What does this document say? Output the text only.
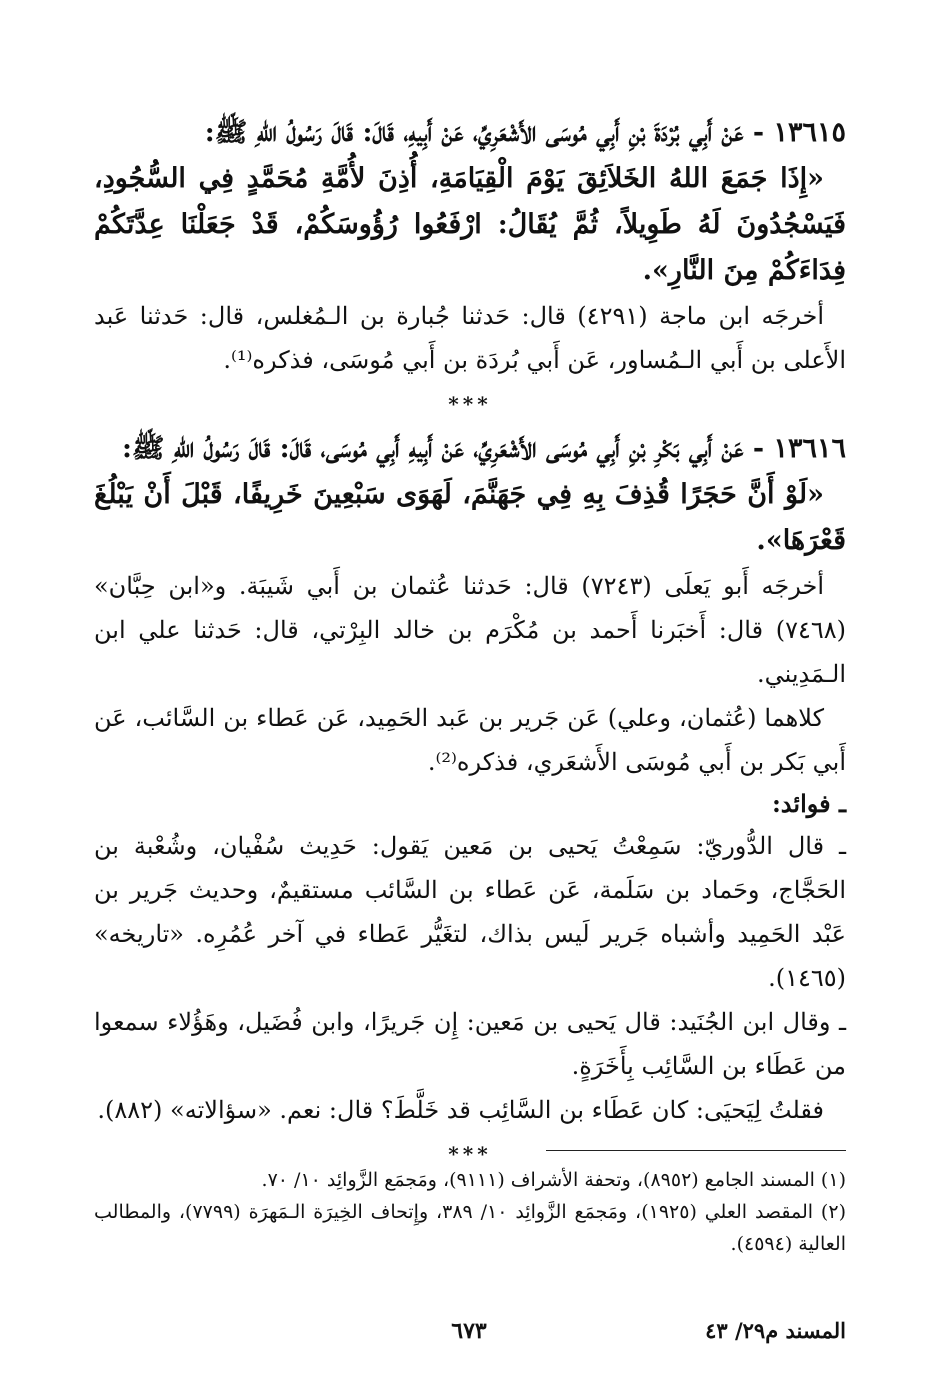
١٣٦١٥ - عَنْ أَبِي بُرْدَةَ بْنِ أَبِي مُوسَى الأَشْعَرِيِّ، عَنْ أَبِيهِ، قَالَ: قَالَ رَسُولُ اللهِ ﷺ:

«إِذَا جَمَعَ اللهُ الخَلاَئِقَ يَوْمَ الْقِيَامَةِ، أُذِنَ لأُمَّةِ مُحَمَّدٍ فِي السُّجُودِ، فَيَسْجُدُونَ لَهُ طَوِيلاً، ثُمَّ يُقَالُ: ارْفَعُوا رُؤُوسَكُمْ، قَدْ جَعَلْنَا عِدَّتَكُمْ فِدَاءَكُمْ مِنَ النَّارِ».

أخرجَه ابن ماجة (٤٢٩١) قال: حَدثنا جُبارة بن الـمُغلس، قال: حَدثنا عَبد الأَعلى بن أَبي الـمُساور، عَن أَبي بُردَة بن أَبي مُوسَى، فذكره⁽¹⁾.

***

١٣٦١٦ - عَنْ أَبِي بَكْرِ بْنِ أَبِي مُوسَى الأَشْعَرِيِّ، عَنْ أَبِيهِ أَبِي مُوسَى، قَالَ: قَالَ رَسُولُ اللهِ ﷺ:

«لَوْ أَنَّ حَجَرًا قُذِفَ بِهِ فِي جَهَنَّمَ، لَهَوَى سَبْعِينَ خَرِيفًا، قَبْلَ أَنْ يَبْلُغَ قَعْرَهَا».

أخرجَه أَبو يَعلَى (٧٢٤٣) قال: حَدثنا عُثمان بن أَبي شَيبَة. و«ابن حِبَّان» (٧٤٦٨) قال: أَخبَرنا أَحمد بن مُكْرَم بن خالد البِرْتي، قال: حَدثنا علي ابن الـمَدِيني.

كلاهما (عُثمان، وعلي) عَن جَرير بن عَبد الحَمِيد، عَن عَطاء بن السَّائب، عَن أَبي بَكر بن أَبي مُوسَى الأَشعَري، فذكره⁽²⁾.

ـ فوائد:

ـ قال الدُّوريّ: سَمِعْتُ يَحيى بن مَعين يَقول: حَدِيث سُفْيان، وشُعْبة بن الحَجَّاج، وحَماد بن سَلَمة، عَن عَطاء بن السَّائب مستقيمٌ، وحديث جَرير بن عَبْد الحَمِيد وأشباه جَرير لَيس بذاك، لتغَيُّر عَطاء في آخر عُمُرِه. «تاريخه» (١٤٦٥).

ـ وقال ابن الجُنَيد: قال يَحيى بن مَعين: إِن جَريرًا، وابن فُضَيل، وهَؤُلاء سمعوا من عَطَاء بن السَّائِب بِأَخَرَةٍ.

فقلتُ لِيَحيَى: كان عَطَاء بن السَّائِب قد خَلَّطَ؟ قال: نعم. «سؤالاته» (٨٨٢).

***

(١) المسند الجامع (٨٩٥٢)، وتحفة الأشراف (٩١١١)، ومَجمَع الزَّوائِد ١٠/ ٧٠.

(٢) المقصد العلي (١٩٢٥)، ومَجمَع الزَّوائِد ١٠/ ٣٨٩، وإِتحاف الخِيرَة الـمَهرَة (٧٧٩٩)، والمطالب العالية (٤٥٩٤).

المسند م٢٩/ ٤٣
٦٧٣
